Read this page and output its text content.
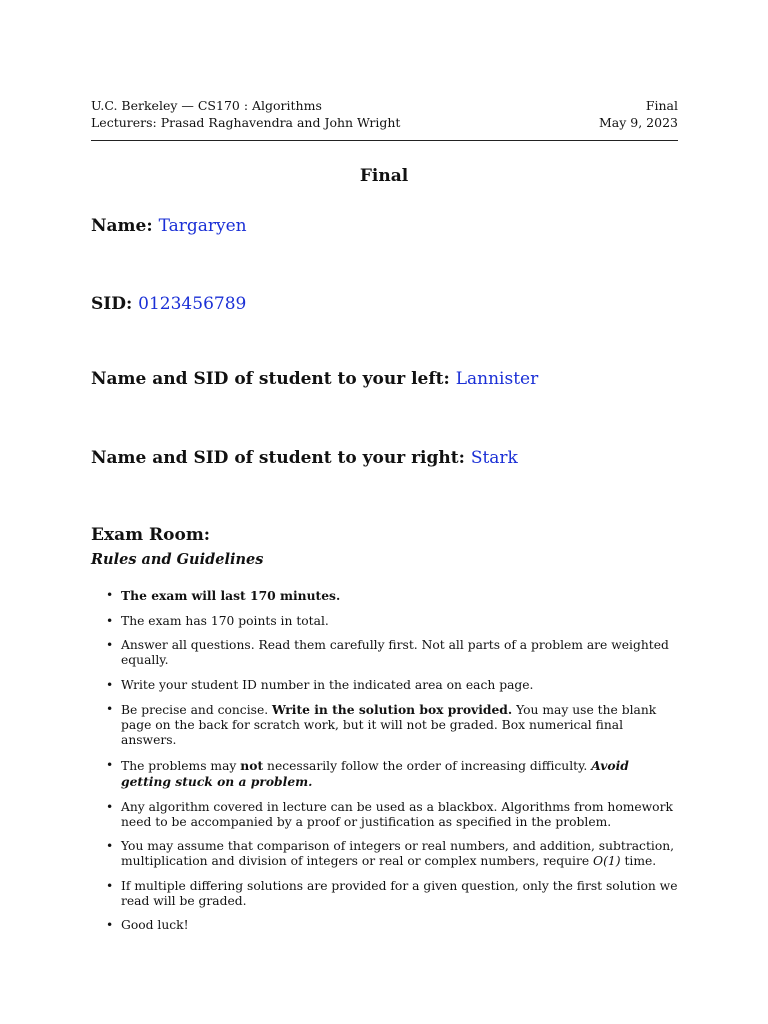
U.C. Berkeley — CS170 : Algorithms	Final
Lecturers: Prasad Raghavendra and John Wright	May 9, 2023
Final
Name: Targaryen
SID: 0123456789
Name and SID of student to your left: Lannister
Name and SID of student to your right: Stark
Exam Room:
Rules and Guidelines
• The exam will last 170 minutes.
• The exam has 170 points in total.
• Answer all questions. Read them carefully first. Not all parts of a problem are weighted equally.
• Write your student ID number in the indicated area on each page.
• Be precise and concise. Write in the solution box provided. You may use the blank page on the back for scratch work, but it will not be graded. Box numerical final answers.
• The problems may not necessarily follow the order of increasing difficulty. Avoid getting stuck on a problem.
• Any algorithm covered in lecture can be used as a blackbox. Algorithms from homework need to be accompanied by a proof or justification as specified in the problem.
• You may assume that comparison of integers or real numbers, and addition, subtraction, multiplication and division of integers or real or complex numbers, require O(1) time.
• If multiple differing solutions are provided for a given question, only the first solution we read will be graded.
• Good luck!
